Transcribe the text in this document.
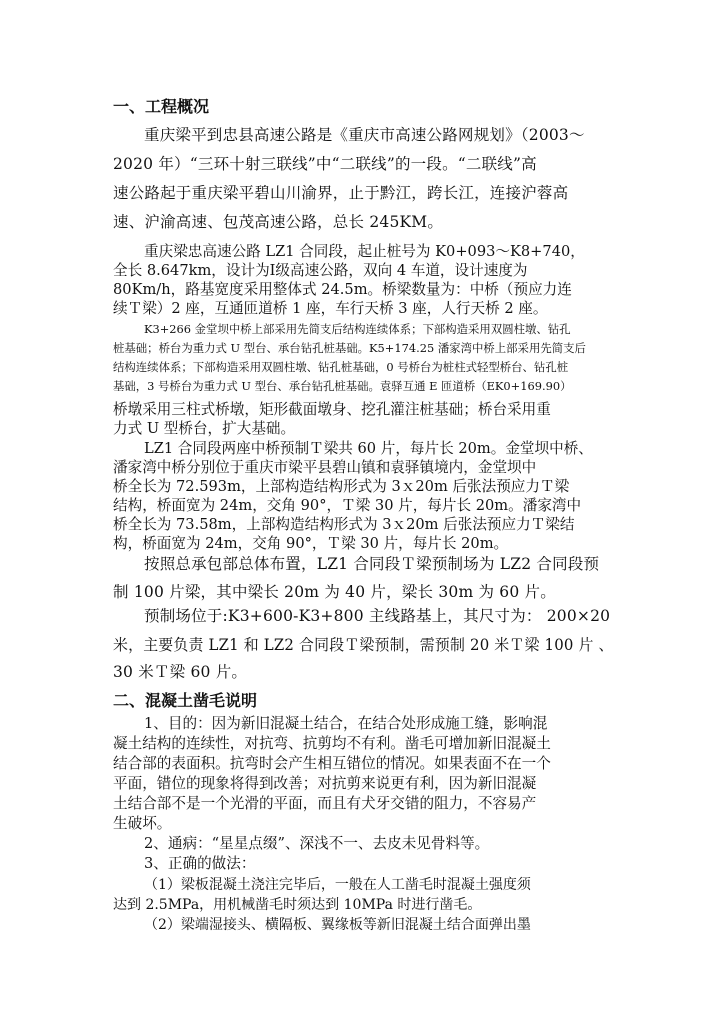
一、工程概况
重庆梁平到忠县高速公路是《重庆市高速公路网规划》（2003～
2020 年）“三环十射三联线”中“二联线”的一段。“二联线”高
速公路起于重庆梁平碧山川渝界，止于黔江，跨长江，连接沪蓉高
速、沪渝高速、包茂高速公路，总长 245KM。
重庆梁忠高速公路 LZ1 合同段，起止桩号为 K0+093～K8+740，
全长 8.647km，设计为Ⅰ级高速公路，双向 4 车道，设计速度为
80Km/h，路基宽度采用整体式 24.5m。桥梁数量为：中桥（预应力连
续Ｔ梁）2 座，互通匝道桥 1 座，车行天桥 3 座，人行天桥 2 座。
K3+266 金堂坝中桥上部采用先简支后结构连续体系；下部构造采用双圆柱墩、钻孔
桩基础；桥台为重力式 U 型台、承台钻孔桩基础。K5+174.25 潘家湾中桥上部采用先简支后
结构连续体系；下部构造采用双圆柱墩、钻孔桩基础，0 号桥台为桩柱式轻型桥台、钻孔桩
基础，3 号桥台为重力式 U 型台、承台钻孔桩基础。袁驿互通 E 匝道桥（EK0+169.90）
桥墩采用三柱式桥墩，矩形截面墩身、挖孔灌注桩基础；桥台采用重
力式 U 型桥台，扩大基础。
LZ1 合同段两座中桥预制Ｔ梁共 60 片，每片长 20m。金堂坝中桥、
潘家湾中桥分别位于重庆市梁平县碧山镇和袁驿镇境内，金堂坝中
桥全长为 72.593m，上部构造结构形式为 3ｘ20m 后张法预应力Ｔ梁
结构，桥面宽为 24m，交角 90°，Ｔ梁 30 片，每片长 20m。潘家湾中
桥全长为 73.58m，上部构造结构形式为 3ｘ20m 后张法预应力Ｔ梁结
构，桥面宽为 24m，交角 90°，Ｔ梁 30 片，每片长 20m。
按照总承包部总体布置，LZ1 合同段Ｔ梁预制场为 LZ2 合同段预
制 100 片梁，其中梁长 20m 为 40 片，梁长 30m 为 60 片。
预制场位于:K3+600-K3+800 主线路基上，其尺寸为： 200×20
米，主要负责 LZ1 和 LZ2 合同段Ｔ梁预制，需预制 20 米Ｔ梁 100 片 、
30 米Ｔ梁 60 片。
二、混凝土凿毛说明
1、目的：因为新旧混凝土结合，在结合处形成施工缝，影响混
凝土结构的连续性，对抗弯、抗剪均不有利。凿毛可增加新旧混凝土
结合部的表面积。抗弯时会产生相互错位的情况。如果表面不在一个
平面，错位的现象将得到改善；对抗剪来说更有利，因为新旧混凝
土结合部不是一个光滑的平面，而且有犬牙交错的阻力，不容易产
生破坏。
2、通病：“星星点缀”、深浅不一、去皮未见骨料等。
3、正确的做法：
（1）梁板混凝土浇注完毕后，一般在人工凿毛时混凝土强度须
达到 2.5MPa，用机械凿毛时须达到 10MPa 时进行凿毛。
（2）梁端湿接头、横隔板、翼缘板等新旧混凝土结合面弹出墨
